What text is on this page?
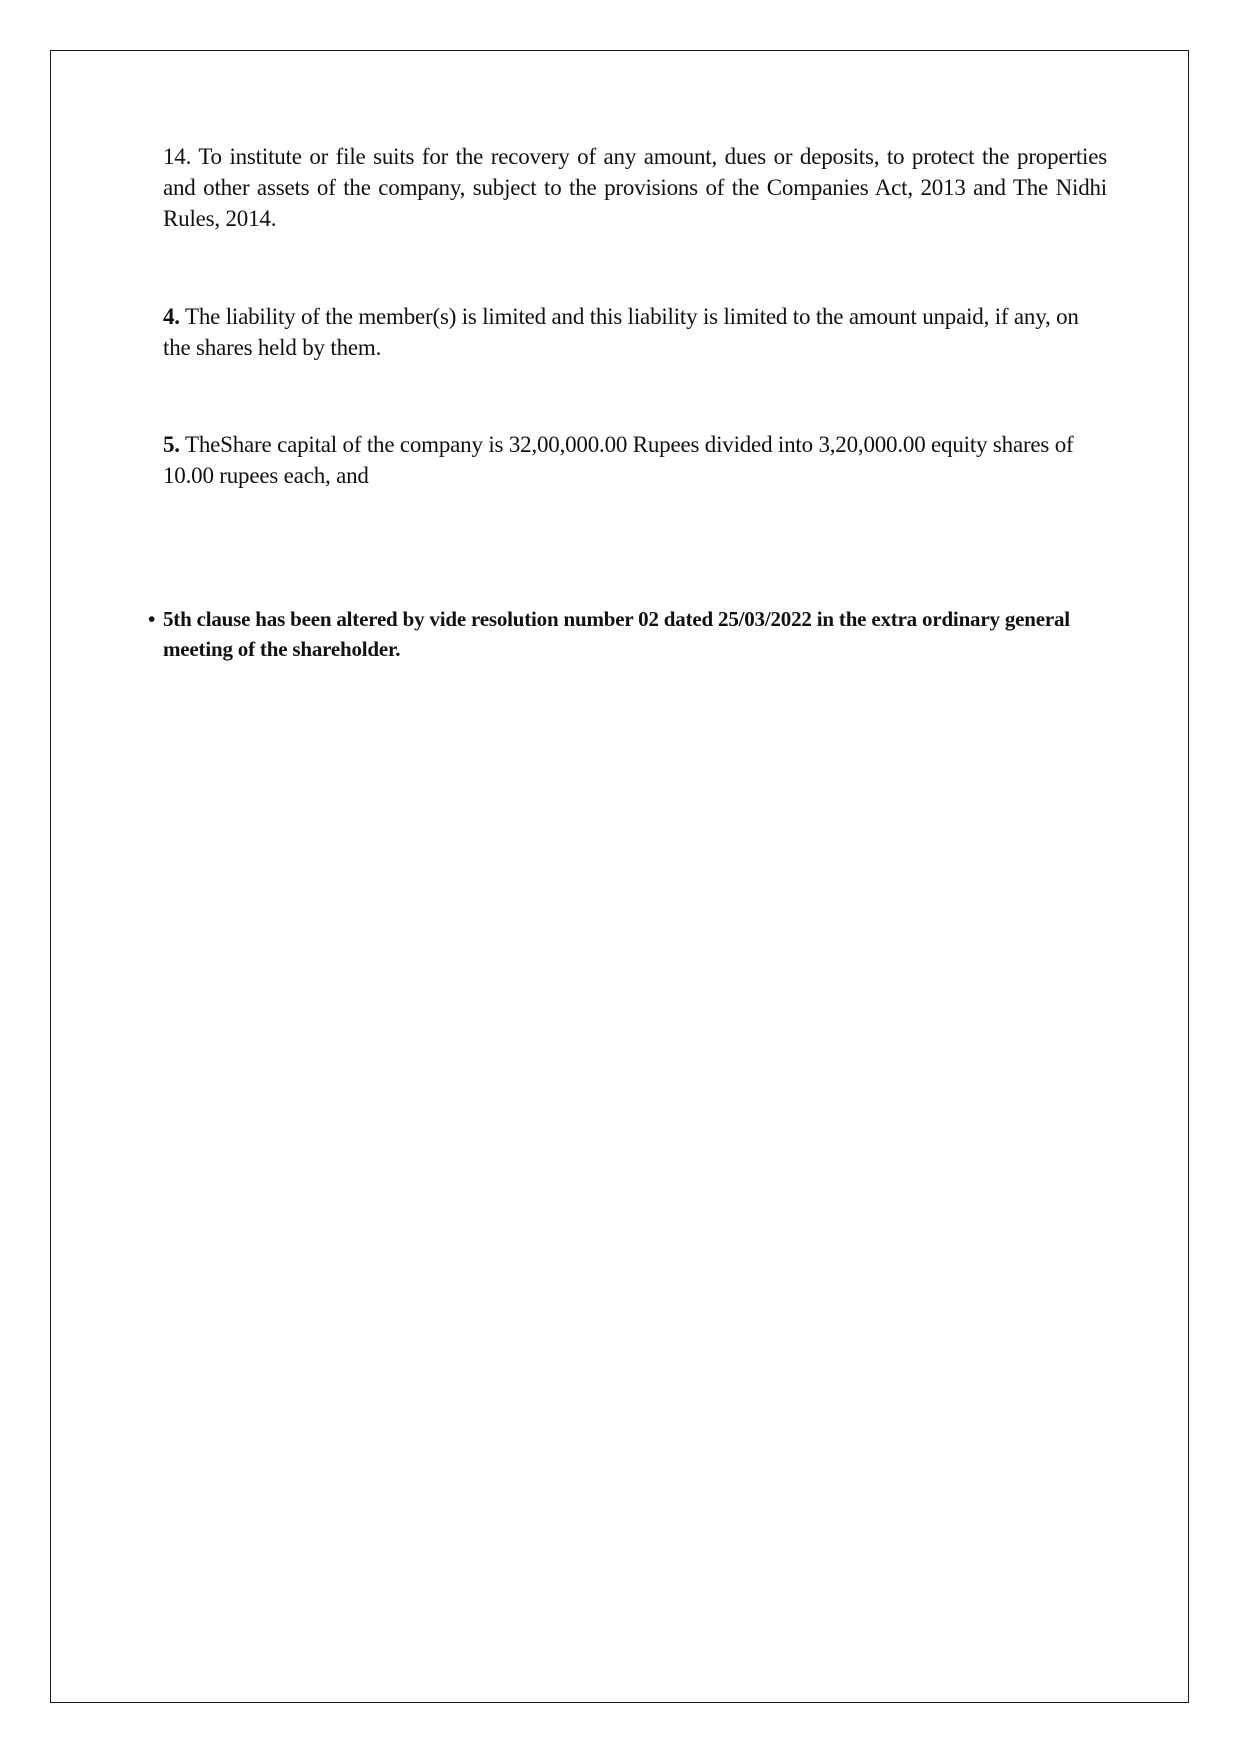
14. To institute or file suits for the recovery of any amount, dues or deposits, to protect the properties and other assets of the company, subject to the provisions of the Companies Act, 2013 and The Nidhi Rules, 2014.

4. The liability of the member(s) is limited and this liability is limited to the amount unpaid, if any, on the shares held by them.

5. TheShare capital of the company is 32,00,000.00 Rupees divided into 3,20,000.00 equity shares of 10.00 rupees each, and

• 5th clause has been altered by vide resolution number 02 dated 25/03/2022 in the extra ordinary general meeting of the shareholder.
